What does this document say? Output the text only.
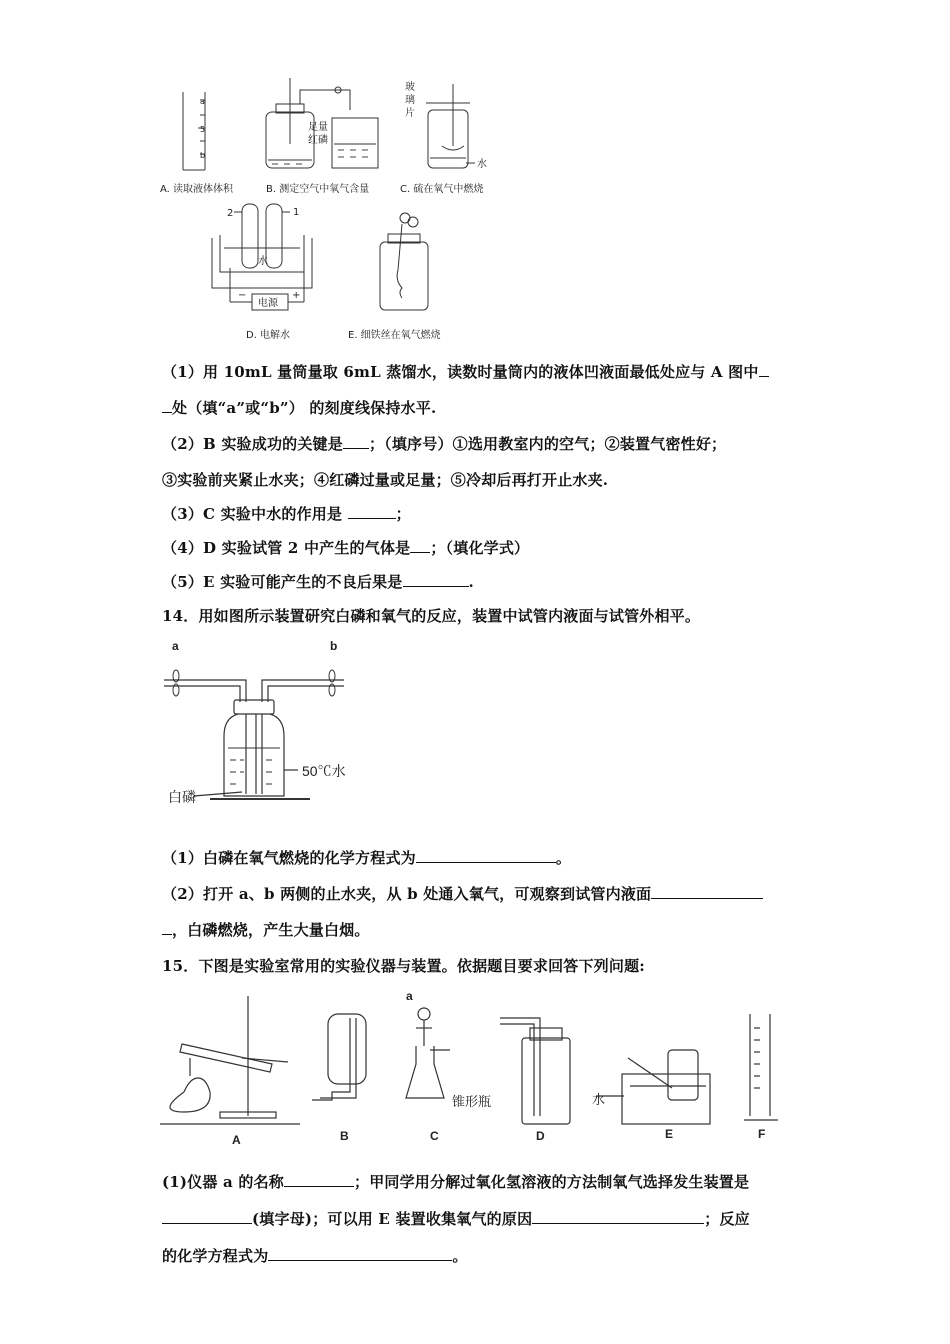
a
5
b
足量
红磷
玻
璃
片
水
A. 读取液体体积	B. 测定空气中氧气含量	C. 硫在氧气中燃烧
2	1
水
电源
−	+
D. 电解水	E. 细铁丝在氧气燃烧
（1）用 10mL 量筒量取 6mL 蒸馏水，读数时量筒内的液体凹液面最低处应与 A 图中
处（填“a”或“b”） 的刻度线保持水平.
（2）B 实验成功的关键是 ；（填序号）①选用教室内的空气；②装置气密性好；
③实验前夹紧止水夹；④红磷过量或足量；⑤冷却后再打开止水夹.
（3）C 实验中水的作用是	；
（4）D 实验试管 2 中产生的气体是 ；（填化学式）
（5）E 实验可能产生的不良后果是	.
14．用如图所示装置研究白磷和氧气的反应，装置中试管内液面与试管外相平。
a	b
50℃水
白磷
（1）白磷在氧气燃烧的化学方程式为	。
（2）打开 a、b 两侧的止水夹，从 b 处通入氧气，可观察到试管内液面
，白磷燃烧，产生大量白烟。
15．下图是实验室常用的实验仪器与装置。依据题目要求回答下列问题:
a
锥形瓶	水
A	B	C	D	E	F
(1)仪器 a 的名称	；甲同学用分解过氧化氢溶液的方法制氧气选择发生装置是
(填字母)；可以用 E 装置收集氧气的原因	；反应
的化学方程式为	。
